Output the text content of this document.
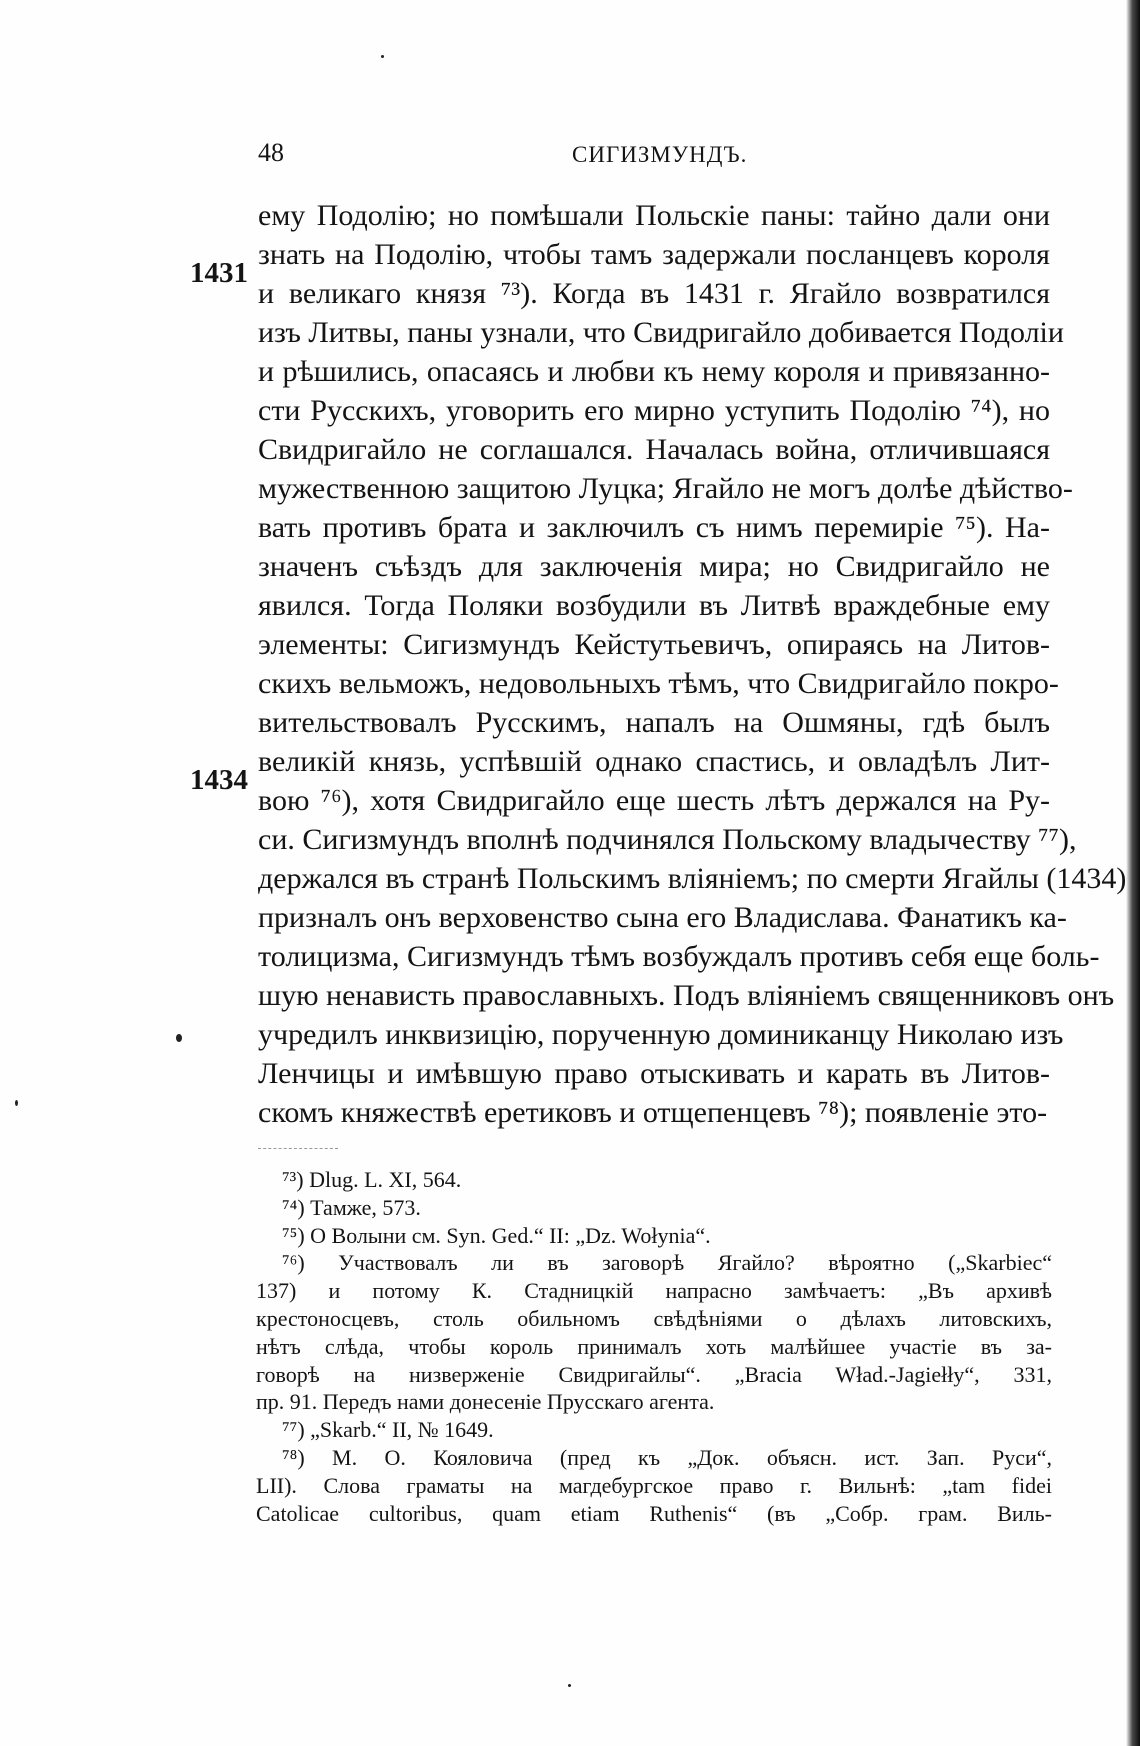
48	СИГИЗМУНДЪ.
1431
1434
ему Подолію; но помѣшали Польскіе паны: тайно дали они
знать на Подолію, чтобы тамъ задержали посланцевъ короля
и великаго князя ⁷³). Когда въ 1431 г. Ягайло возвратился
изъ Литвы, паны узнали, что Свидригайло добивается Подоліи
и рѣшились, опасаясь и любви къ нему короля и привязанно-
сти Русскихъ, уговорить его мирно уступить Подолію ⁷⁴), но
Свидригайло не соглашался. Началась война, отличившаяся
мужественною защитою Луцка; Ягайло не могъ долѣе дѣйство-
вать противъ брата и заключилъ съ нимъ перемиріе ⁷⁵). На-
значенъ съѣздъ для заключенія мира; но Свидригайло не
явился. Тогда Поляки возбудили въ Литвѣ враждебные ему
элементы: Сигизмундъ Кейстутьевичъ, опираясь на Литов-
скихъ вельможъ, недовольныхъ тѣмъ, что Свидригайло покро-
вительствовалъ Русскимъ, напалъ на Ошмяны, гдѣ былъ
великій князь, успѣвшій однако спастись, и овладѣлъ Лит-
вою ⁷⁶), хотя Свидригайло еще шесть лѣтъ держался на Ру-
си. Сигизмундъ вполнѣ подчинялся Польскому владычеству ⁷⁷),
держался въ странѣ Польскимъ вліяніемъ; по смерти Ягайлы (1434)
призналъ онъ верховенство сына его Владислава. Фанатикъ ка-
толицизма, Сигизмундъ тѣмъ возбуждалъ противъ себя еще боль-
шую ненависть православныхъ. Подъ вліяніемъ священниковъ онъ
учредилъ инквизицію, порученную доминиканцу Николаю изъ
Ленчицы и имѣвшую право отыскивать и карать въ Литов-
скомъ княжествѣ еретиковъ и отщепенцевъ ⁷⁸); появленіе это-
⁷³) Dlug. L. XI, 564.
⁷⁴) Тамже, 573.
⁷⁵) О Волыни см. Syn. Ged.“ II: „Dz. Wołynia“.
⁷⁶) Участвовалъ ли въ заговорѣ Ягайло? вѣроятно („Skarbiec“
137) и потому К. Стадницкій напрасно замѣчаетъ: „Въ архивѣ
крестоносцевъ, столь обильномъ свѣдѣніями о дѣлахъ литовскихъ,
нѣтъ слѣда, чтобы король принималъ хоть малѣйшее участіе въ за-
говорѣ на низверженіе Свидригайлы“. „Bracia Wład.-Jagiełły“, 331,
пр. 91. Передъ нами донесеніе Прусскаго агента.
⁷⁷) „Skarb.“ II, № 1649.
⁷⁸) М. О. Кояловича (пред къ „Док. объясн. ист. Зап. Руси“,
LII). Слова грамaты на магдебургское право г. Вильнѣ: „tam fidei
Catolicae cultoribus, quam etiam Ruthenis“ (въ „Собр. грам. Виль-
